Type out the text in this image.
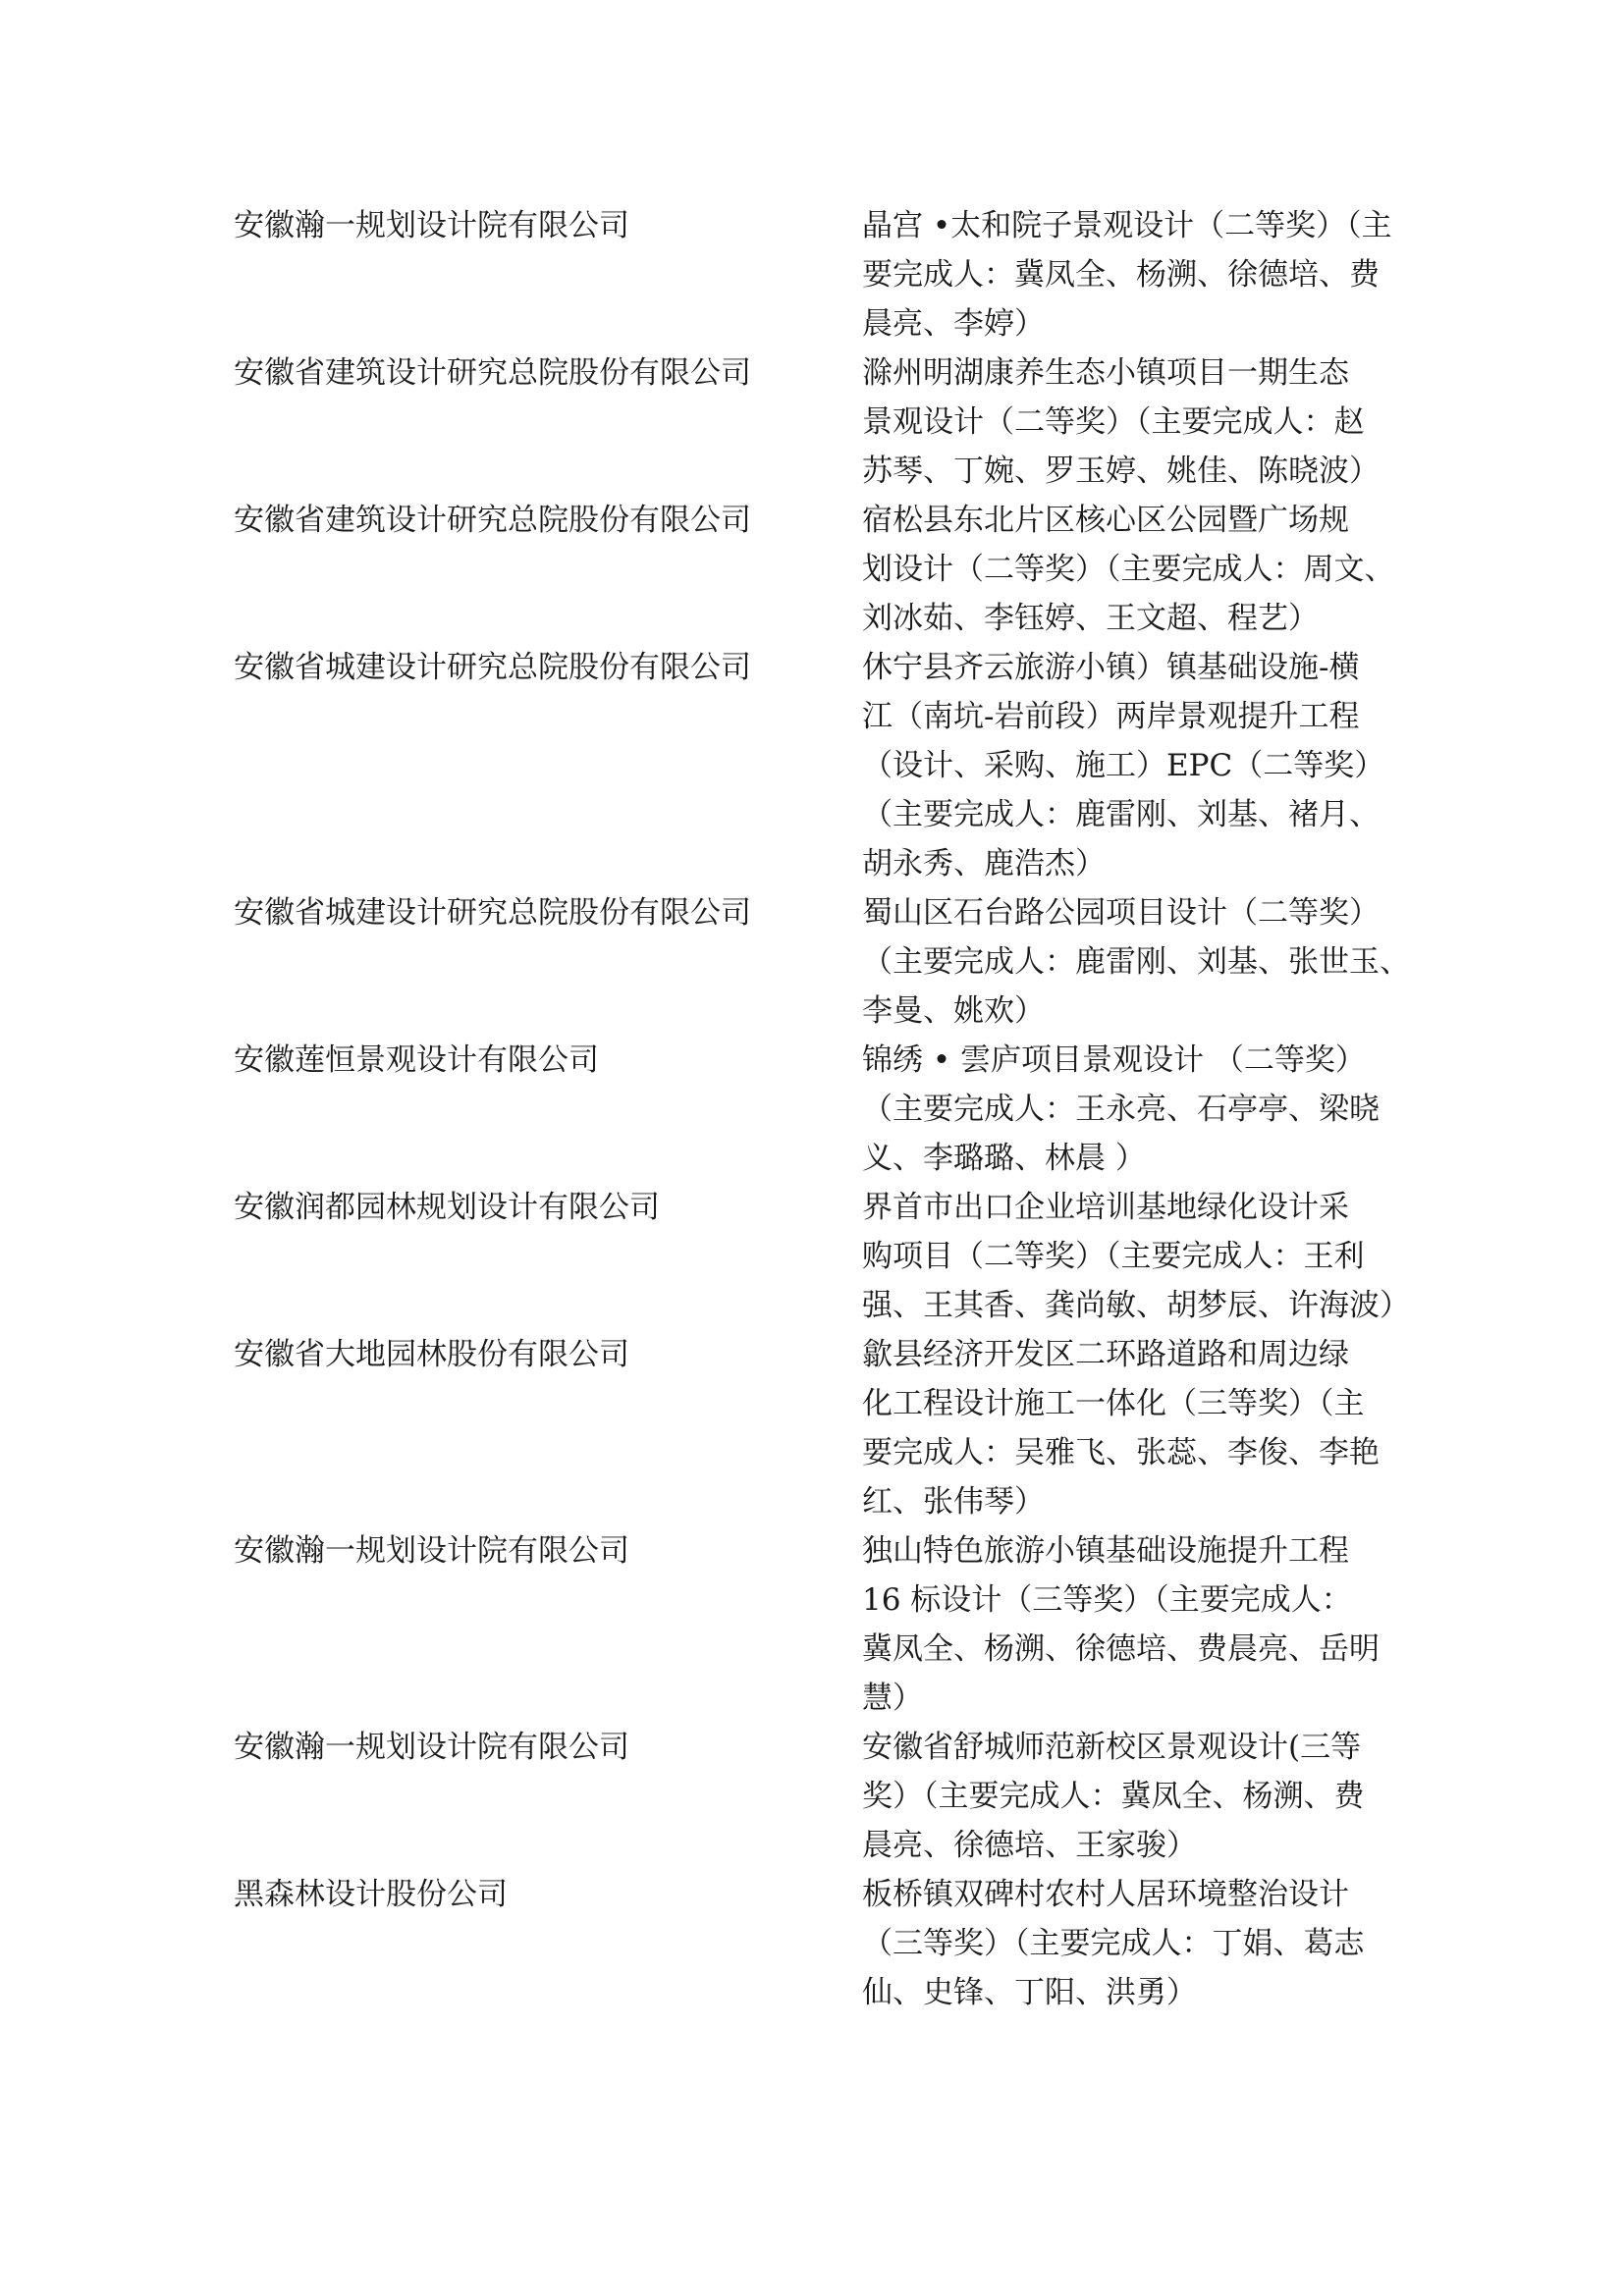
安徽瀚一规划设计院有限公司	晶宫 •太和院子景观设计（二等奖）（主
要完成人：冀凤全、杨溯、徐德培、费
晨亮、李婷）
安徽省建筑设计研究总院股份有限公司	滁州明湖康养生态小镇项目一期生态
景观设计（二等奖）（主要完成人：赵
苏琴、丁婉、罗玉婷、姚佳、陈晓波）
安徽省建筑设计研究总院股份有限公司	宿松县东北片区核心区公园暨广场规
划设计（二等奖）（主要完成人：周文、
刘冰茹、李钰婷、王文超、程艺）
安徽省城建设计研究总院股份有限公司	休宁县齐云旅游小镇）镇基础设施-横
江（南坑-岩前段）两岸景观提升工程
（设计、采购、施工）EPC（二等奖）
（主要完成人：鹿雷刚、刘基、褚月、
胡永秀、鹿浩杰）
安徽省城建设计研究总院股份有限公司	蜀山区石台路公园项目设计（二等奖）
（主要完成人：鹿雷刚、刘基、张世玉、
李曼、姚欢）
安徽莲恒景观设计有限公司	锦绣 • 雲庐项目景观设计 （二等奖）
（主要完成人：王永亮、石亭亭、梁晓
义、李璐璐、林晨 ）
安徽润都园林规划设计有限公司	界首市出口企业培训基地绿化设计采
购项目（二等奖）（主要完成人：王利
强、王其香、龚尚敏、胡梦辰、许海波）
安徽省大地园林股份有限公司	歙县经济开发区二环路道路和周边绿
化工程设计施工一体化（三等奖）（主
要完成人：吴雅飞、张蕊、李俊、李艳
红、张伟琴）
安徽瀚一规划设计院有限公司	独山特色旅游小镇基础设施提升工程
16 标设计（三等奖）（主要完成人：
冀凤全、杨溯、徐德培、费晨亮、岳明
慧）
安徽瀚一规划设计院有限公司	安徽省舒城师范新校区景观设计(三等
奖）（主要完成人：冀凤全、杨溯、费
晨亮、徐德培、王家骏）
黑森林设计股份公司	板桥镇双碑村农村人居环境整治设计
（三等奖）（主要完成人：丁娟、葛志
仙、史锋、丁阳、洪勇）
